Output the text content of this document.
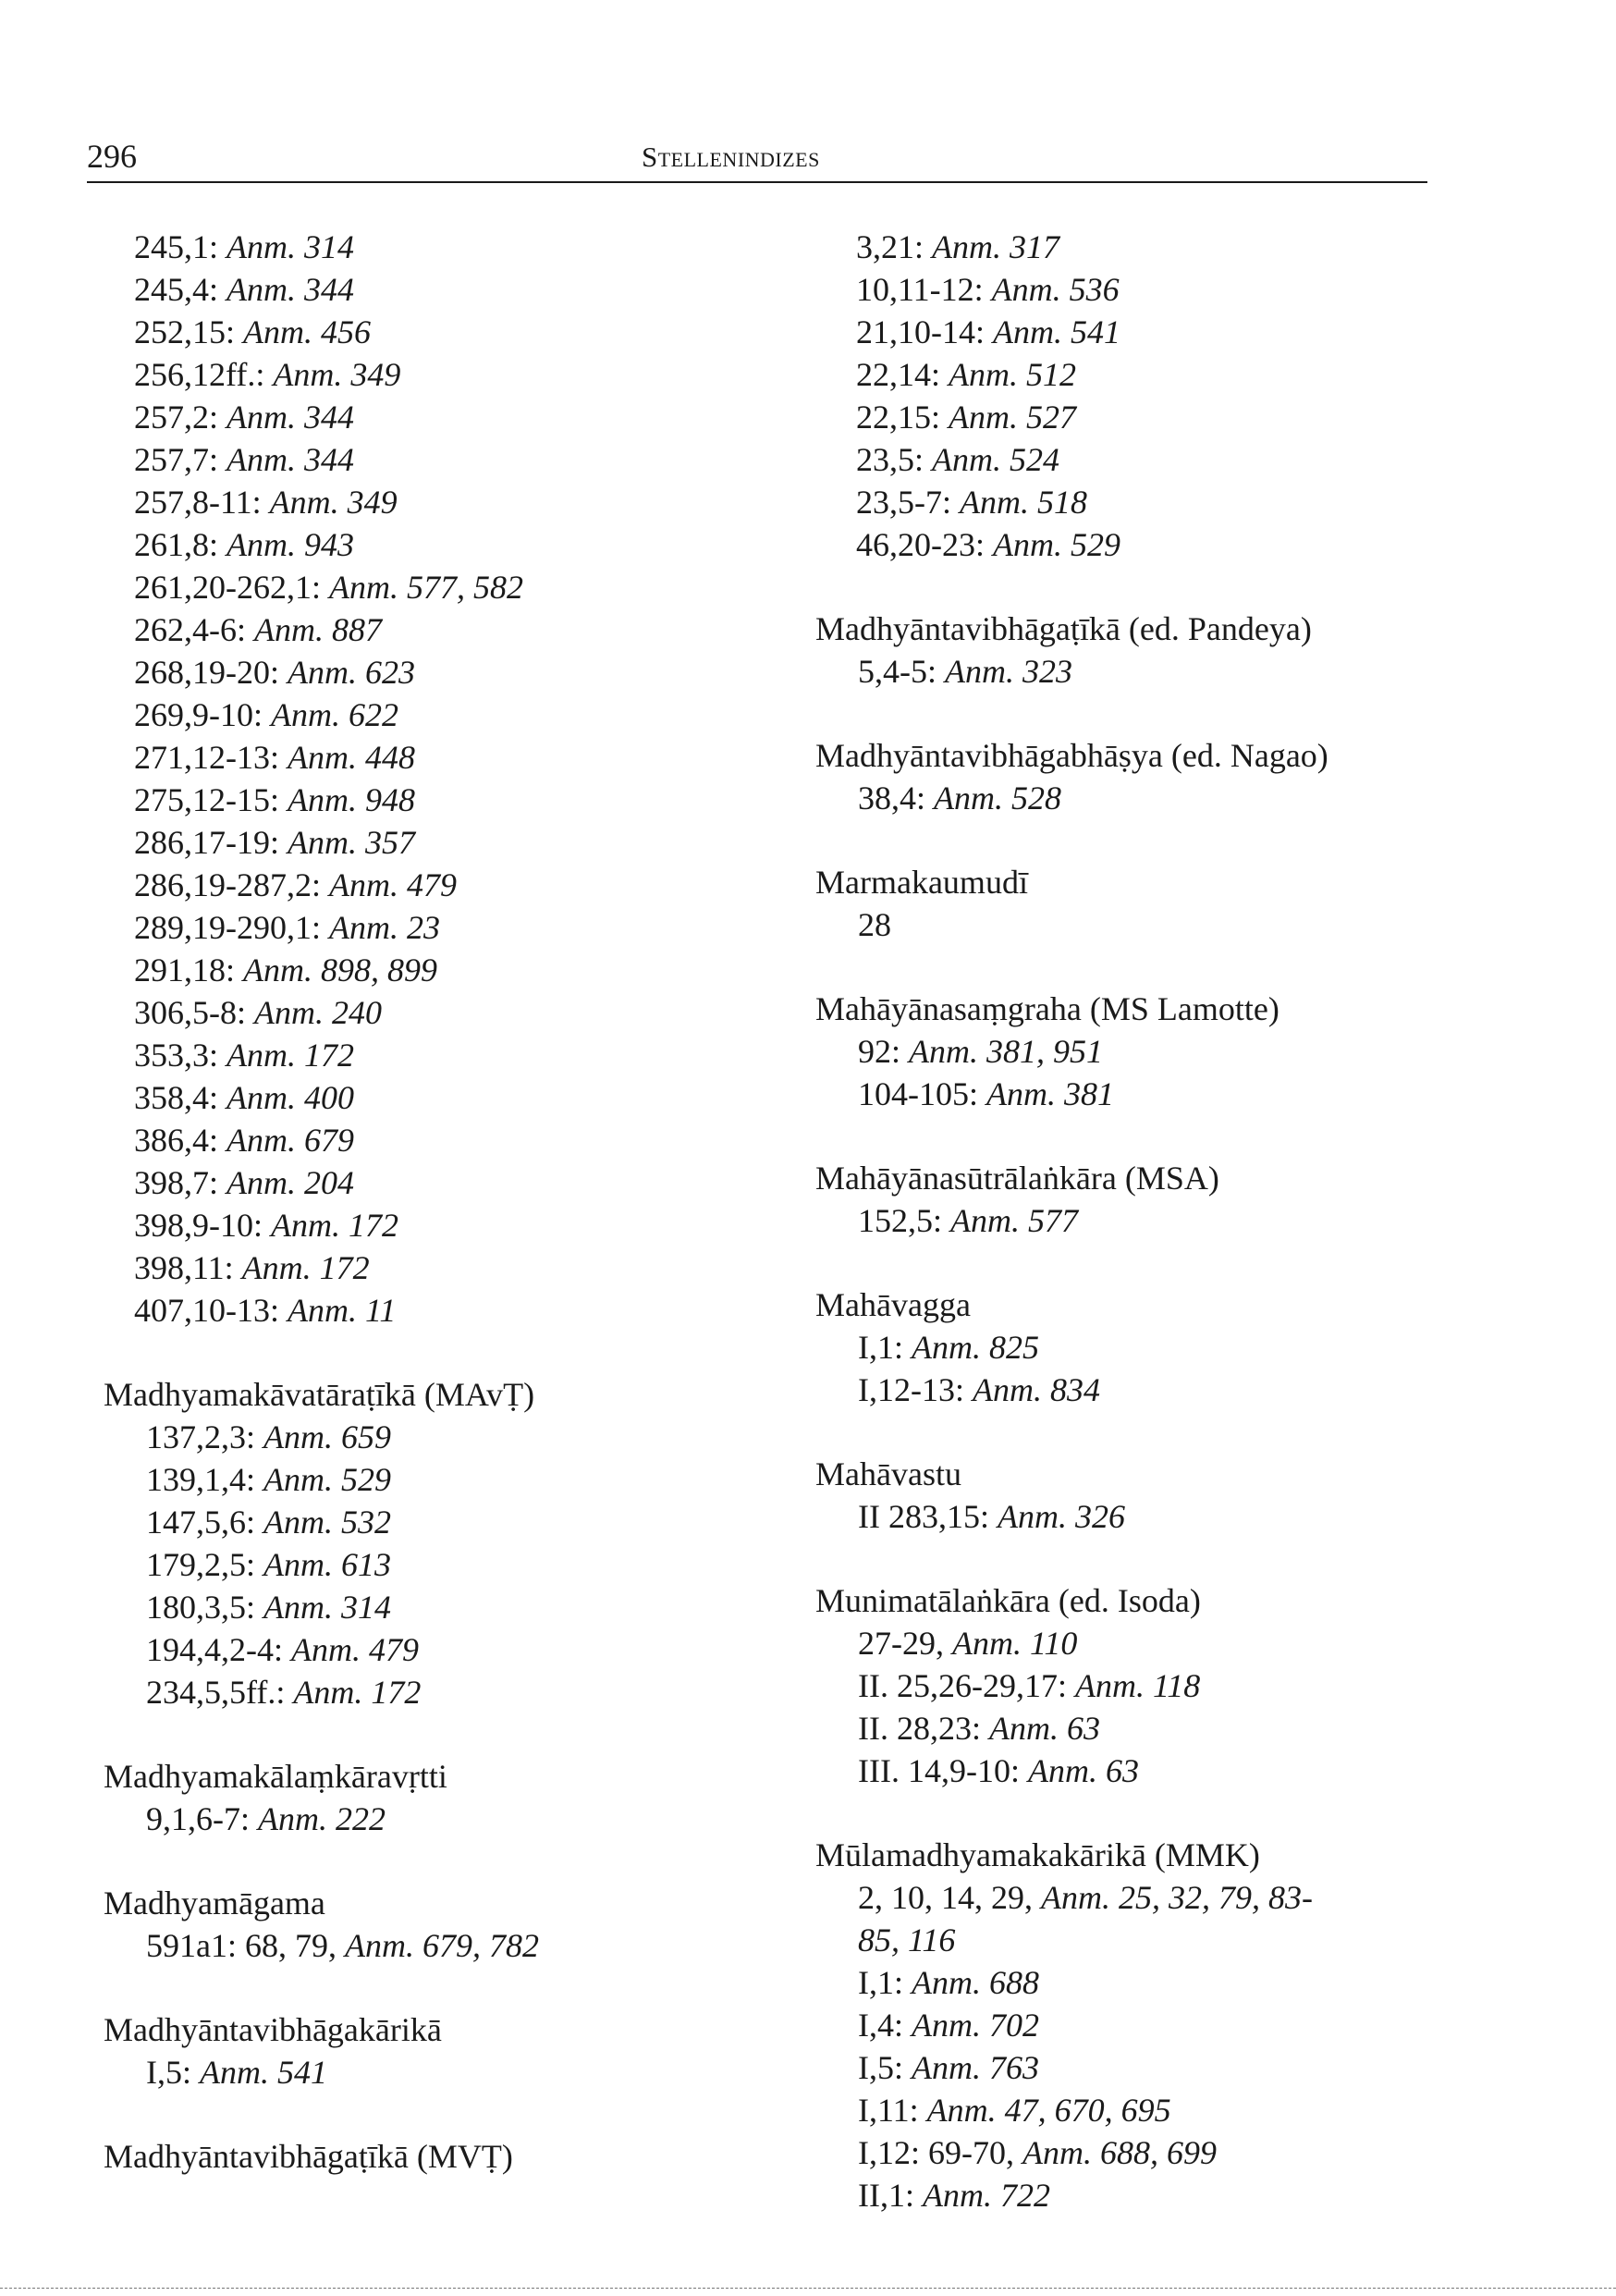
296	Stellenindizes
245,1: Anm. 314
245,4: Anm. 344
252,15: Anm. 456
256,12ff.: Anm. 349
257,2: Anm. 344
257,7: Anm. 344
257,8-11: Anm. 349
261,8: Anm. 943
261,20-262,1: Anm. 577, 582
262,4-6: Anm. 887
268,19-20: Anm. 623
269,9-10: Anm. 622
271,12-13: Anm. 448
275,12-15: Anm. 948
286,17-19: Anm. 357
286,19-287,2: Anm. 479
289,19-290,1: Anm. 23
291,18: Anm. 898, 899
306,5-8: Anm. 240
353,3: Anm. 172
358,4: Anm. 400
386,4: Anm. 679
398,7: Anm. 204
398,9-10: Anm. 172
398,11: Anm. 172
407,10-13: Anm. 11
Madhyamakāvatāraṭīkā (MAvṬ)
137,2,3: Anm. 659
139,1,4: Anm. 529
147,5,6: Anm. 532
179,2,5: Anm. 613
180,3,5: Anm. 314
194,4,2-4: Anm. 479
234,5,5ff.: Anm. 172
Madhyamakālaṃkāravṛtti
9,1,6-7: Anm. 222
Madhyamāgama
591a1: 68, 79, Anm. 679, 782
Madhyāntavibhāgakārikā
I,5: Anm. 541
Madhyāntavibhāgaṭīkā (MVṬ)
3,21: Anm. 317
10,11-12: Anm. 536
21,10-14: Anm. 541
22,14: Anm. 512
22,15: Anm. 527
23,5: Anm. 524
23,5-7: Anm. 518
46,20-23: Anm. 529
Madhyāntavibhāgaṭīkā (ed. Pandeya)
5,4-5: Anm. 323
Madhyāntavibhāgabhāṣya (ed. Nagao)
38,4: Anm. 528
Marmakaumudī
28
Mahāyānasaṃgraha (MS Lamotte)
92: Anm. 381, 951
104-105: Anm. 381
Mahāyānasūtrālaṅkāra (MSA)
152,5: Anm. 577
Mahāvagga
I,1: Anm. 825
I,12-13: Anm. 834
Mahāvastu
II 283,15: Anm. 326
Munimatālaṅkāra (ed. Isoda)
27-29, Anm. 110
II. 25,26-29,17: Anm. 118
II. 28,23: Anm. 63
III. 14,9-10: Anm. 63
Mūlamadhyamakakārikā (MMK)
2, 10, 14, 29, Anm. 25, 32, 79, 83-
85, 116
I,1: Anm. 688
I,4: Anm. 702
I,5: Anm. 763
I,11: Anm. 47, 670, 695
I,12: 69-70, Anm. 688, 699
II,1: Anm. 722
